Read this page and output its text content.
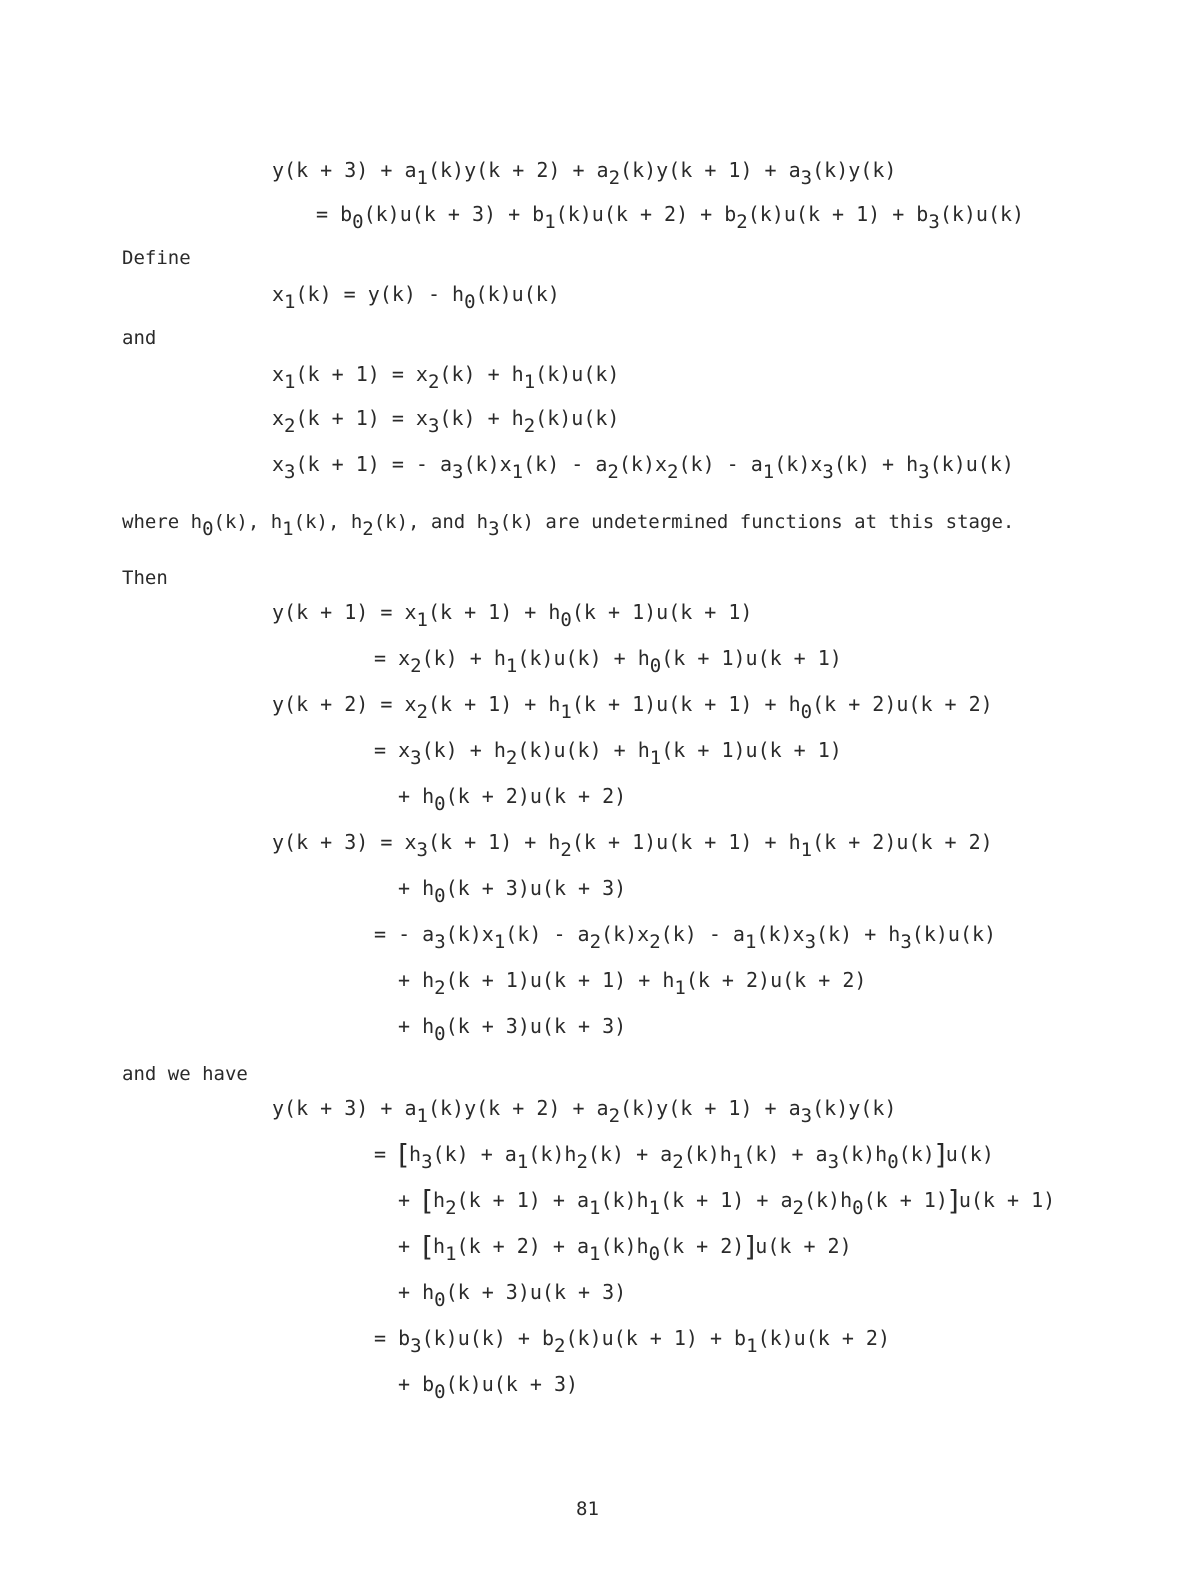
$y(k + 3) + a_1(k)y(k + 2) + a_2(k)y(k + 1) + a_3(k)y(k)$
= $b_0(k)u(k + 3) + b_1(k)u(k + 2) + b_2(k)u(k + 1) + b_3(k)u(k)$
Define
$x_1(k) = y(k) - h_0(k)u(k)$
and
$x_1(k + 1) = x_2(k) + h_1(k)u(k)$
$x_2(k + 1) = x_3(k) + h_2(k)u(k)$
$x_3(k + 1)$ = - $a_3(k)x_1(k) - a_2(k)x_2(k) - a_1(k)x_3(k) + h_3(k)u(k)$
where $h_0(k)$, $h_1(k)$, $h_2(k)$, and $h_3(k)$ are undetermined functions at this stage.
Then
$y(k + 1) = x_1(k + 1) + h_0(k + 1)u(k + 1)$
= $x_2(k) + h_1(k)u(k) + h_0(k + 1)u(k + 1)$
$y(k + 2) = x_2(k + 1) + h_1(k + 1)u(k + 1) + h_0(k + 2)u(k + 2)$
= $x_3(k) + h_2(k)u(k) + h_1(k + 1)u(k + 1)$
+ $h_0(k + 2)u(k + 2)$
$y(k + 3) = x_3(k + 1) + h_2(k + 1)u(k + 1) + h_1(k + 2)u(k + 2)$
+ $h_0(k + 3)u(k + 3)$
= - $a_3(k)x_1(k) - a_2(k)x_2(k) - a_1(k)x_3(k) + h_3(k)u(k)$
+ $h_2(k + 1)u(k + 1) + h_1(k + 2)u(k + 2)$
+ $h_0(k + 3)u(k + 3)$
and we have
$y(k + 3) + a_1(k)y(k + 2) + a_2(k)y(k + 1) + a_3(k)y(k)$
= $[h_3(k) + a_1(k)h_2(k) + a_2(k)h_1(k) + a_3(k)h_0(k)]u(k)$
+ $[h_2(k + 1) + a_1(k)h_1(k + 1) + a_2(k)h_0(k + 1)]u(k + 1)$
+ $[h_1(k + 2) + a_1(k)h_0(k + 2)]u(k + 2)$
+ $h_0(k + 3)u(k + 3)$
= $b_3(k)u(k) + b_2(k)u(k + 1) + b_1(k)u(k + 2)$
+ $b_0(k)u(k + 3)$
81
